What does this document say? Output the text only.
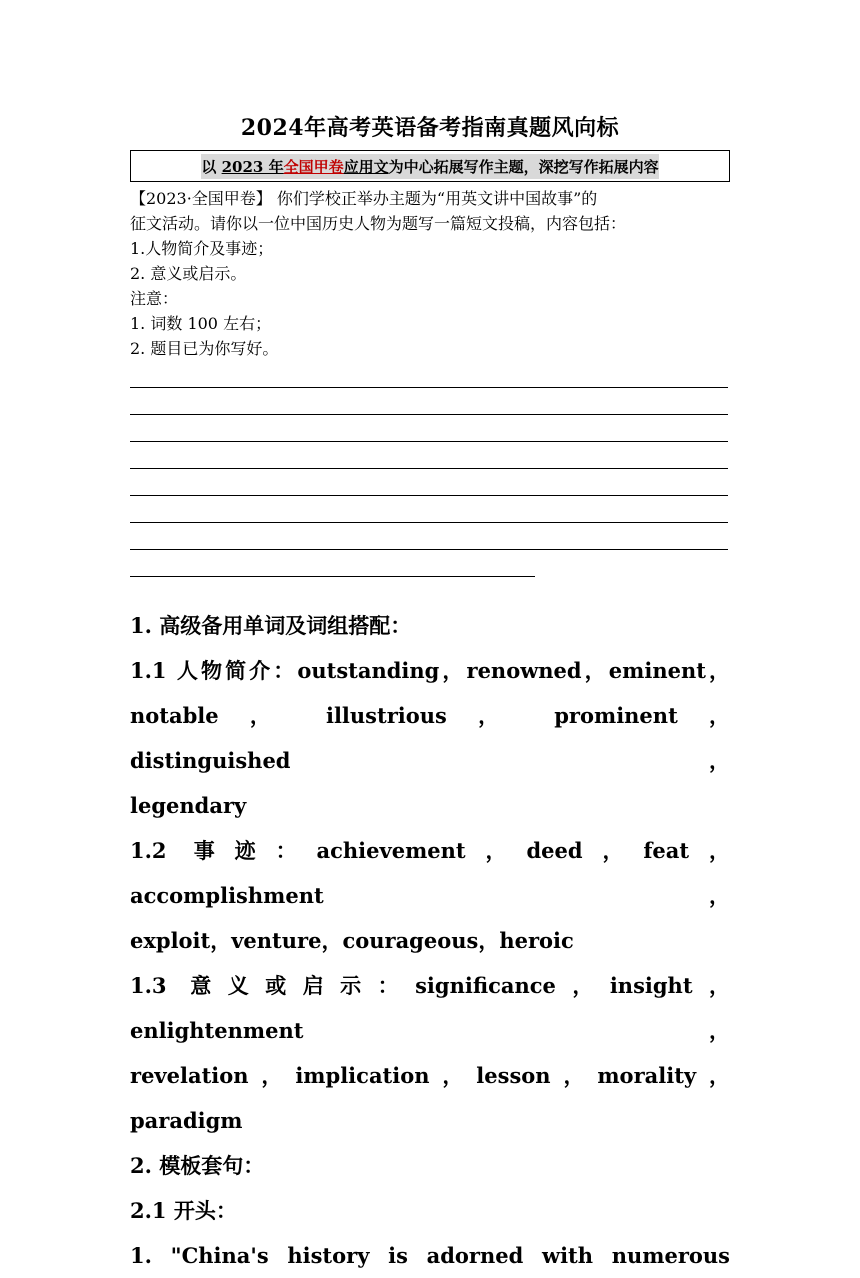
2024年高考英语备考指南真题风向标
以 2023 年全国甲卷应用文为中心拓展写作主题，深挖写作拓展内容

【2023·全国甲卷】 你们学校正举办主题为“用英文讲中国故事”的

征文活动。请你以一位中国历史人物为题写一篇短文投稿，内容包括：

1.人物简介及事迹；

2. 意义或启示。

注意：

1. 词数 100 左右；

2. 题目已为你写好。

1. 高级备用单词及词组搭配：

1.1 人物简介：outstanding，renowned，eminent，

notable ， illustrious ， prominent ， distinguished ，

legendary

1.2 事迹：achievement，deed，feat，accomplishment，

exploit，venture，courageous，heroic

1.3 意义或启示：significance，insight，enlightenment，

revelation，implication，lesson，morality，paradigm

2. 模板套句：

2.1 开头：

1. "China's history is adorned with numerous
